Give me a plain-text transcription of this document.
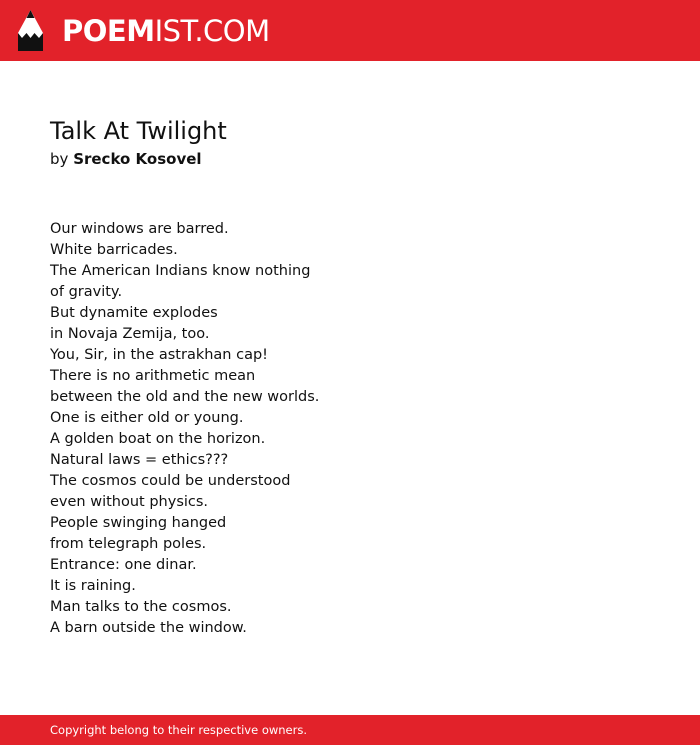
POEMIST.COM
Talk At Twilight
by Srecko Kosovel
Our windows are barred.
White barricades.
The American Indians know nothing
of gravity.
But dynamite explodes
in Novaja Zemija, too.
You, Sir, in the astrakhan cap!
There is no arithmetic mean
between the old and the new worlds.
One is either old or young.
A golden boat on the horizon.
Natural laws = ethics???
The cosmos could be understood
even without physics.
People swinging hanged
from telegraph poles.
Entrance: one dinar.
It is raining.
Man talks to the cosmos.
A barn outside the window.
Copyright belong to their respective owners.
